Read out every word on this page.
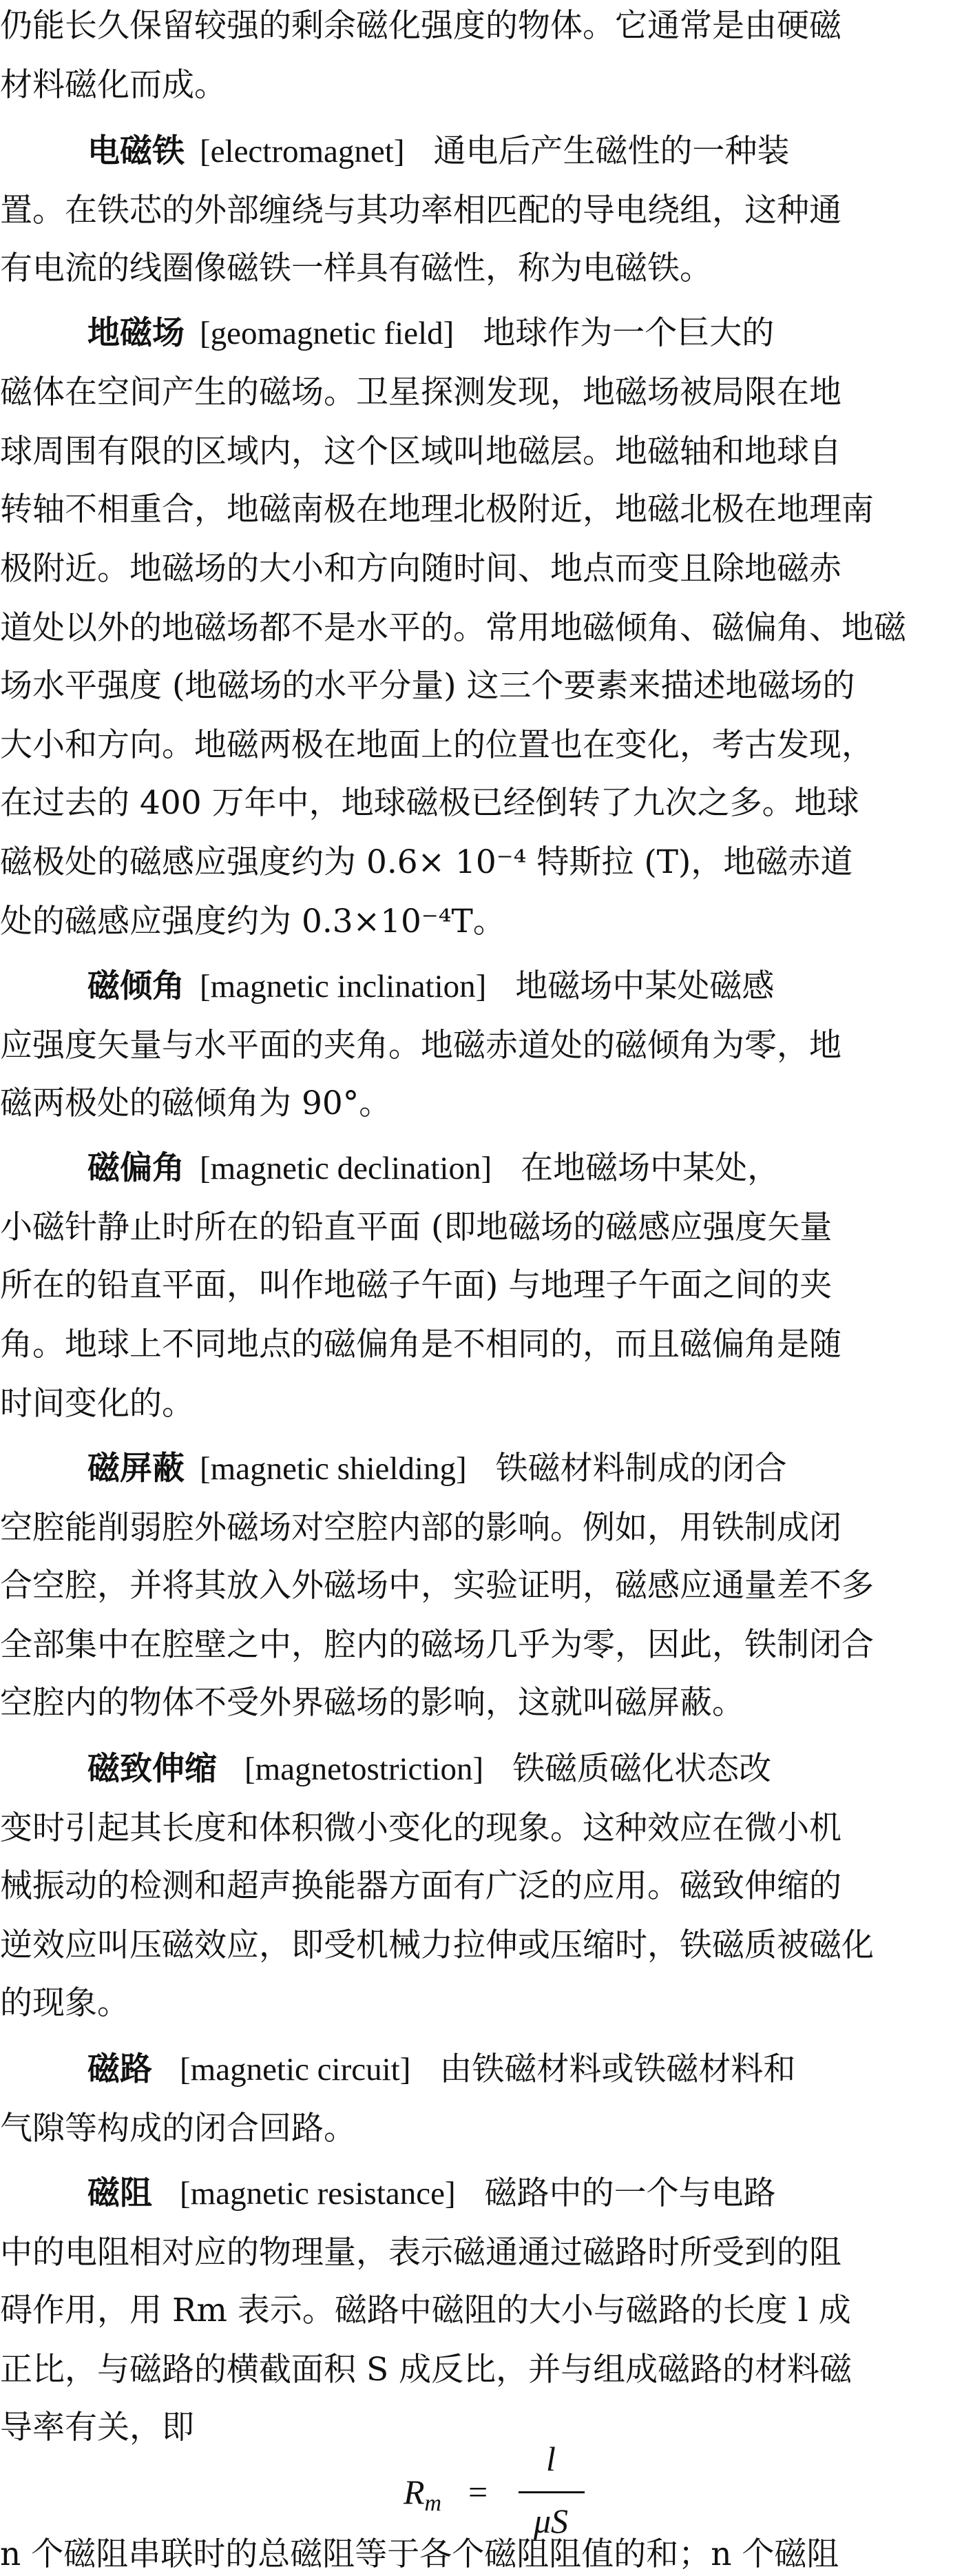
仍能长久保留较强的剩余磁化强度的物体。它通常是由硬磁
材料磁化而成。
电磁铁 [electromagnet] 通电后产生磁性的一种装
置。在铁芯的外部缠绕与其功率相匹配的导电绕组，这种通
有电流的线圈像磁铁一样具有磁性，称为电磁铁。
地磁场 [geomagnetic field] 地球作为一个巨大的
磁体在空间产生的磁场。卫星探测发现，地磁场被局限在地
球周围有限的区域内，这个区域叫地磁层。地磁轴和地球自
转轴不相重合，地磁南极在地理北极附近，地磁北极在地理南
极附近。地磁场的大小和方向随时间、地点而变且除地磁赤
道处以外的地磁场都不是水平的。常用地磁倾角、磁偏角、地磁
场水平强度 (地磁场的水平分量) 这三个要素来描述地磁场的
大小和方向。地磁两极在地面上的位置也在变化，考古发现，
在过去的 400 万年中，地球磁极已经倒转了九次之多。地球
磁极处的磁感应强度约为 0.6× 10⁻⁴ 特斯拉 (T)，地磁赤道
处的磁感应强度约为 0.3×10⁻⁴T。
磁倾角 [magnetic inclination] 地磁场中某处磁感
应强度矢量与水平面的夹角。地磁赤道处的磁倾角为零，地
磁两极处的磁倾角为 90°。
磁偏角 [magnetic declination] 在地磁场中某处，
小磁针静止时所在的铅直平面 (即地磁场的磁感应强度矢量
所在的铅直平面，叫作地磁子午面) 与地理子午面之间的夹
角。地球上不同地点的磁偏角是不相同的，而且磁偏角是随
时间变化的。
磁屏蔽 [magnetic shielding] 铁磁材料制成的闭合
空腔能削弱腔外磁场对空腔内部的影响。例如，用铁制成闭
合空腔，并将其放入外磁场中，实验证明，磁感应通量差不多
全部集中在腔壁之中，腔内的磁场几乎为零，因此，铁制闭合
空腔内的物体不受外界磁场的影响，这就叫磁屏蔽。
磁致伸缩 [magnetostriction] 铁磁质磁化状态改
变时引起其长度和体积微小变化的现象。这种效应在微小机
械振动的检测和超声换能器方面有广泛的应用。磁致伸缩的
逆效应叫压磁效应，即受机械力拉伸或压缩时，铁磁质被磁化
的现象。
磁路 [magnetic circuit] 由铁磁材料或铁磁材料和
气隙等构成的闭合回路。
磁阻 [magnetic resistance] 磁路中的一个与电路
中的电阻相对应的物理量，表示磁通通过磁路时所受到的阻
碍作用，用 Rm 表示。磁路中磁阻的大小与磁路的长度 l 成
正比，与磁路的横截面积 S 成反比，并与组成磁路的材料磁
导率有关，即
$R_m$ =
l
μS
n 个磁阻串联时的总磁阻等于各个磁阻阻值的和；n 个磁阻
